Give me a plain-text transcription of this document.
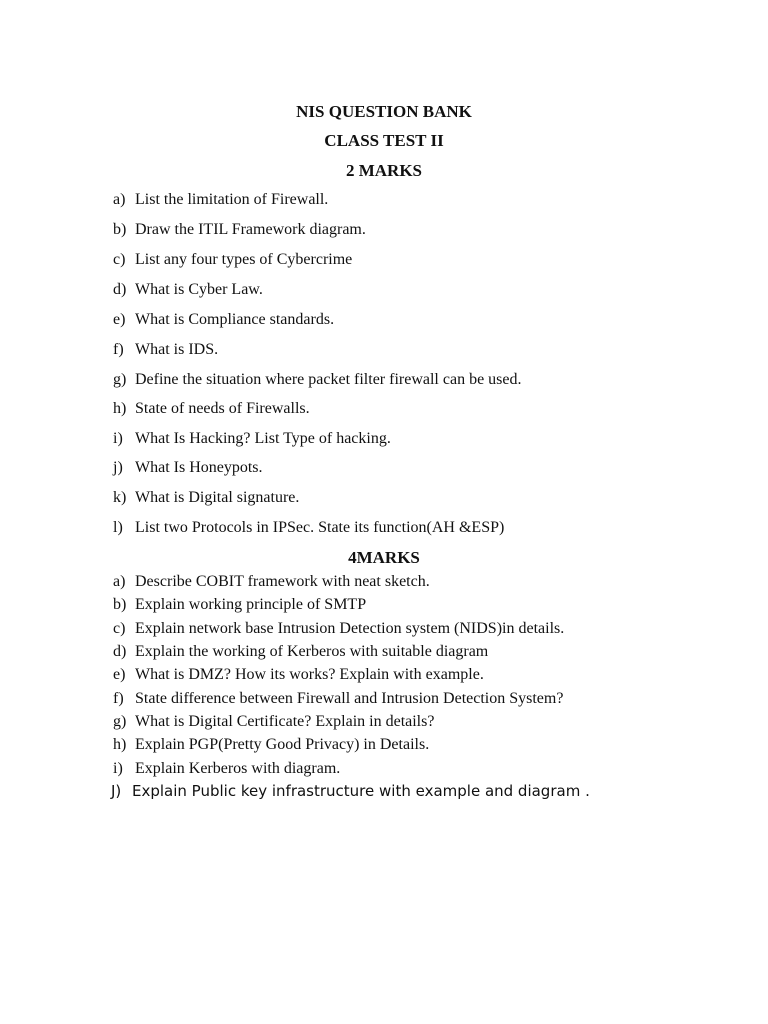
NIS QUESTION BANK
CLASS TEST II
2 MARKS
a) List the limitation of Firewall.
b) Draw the ITIL Framework diagram.
c) List any four types of Cybercrime
d) What is Cyber Law.
e) What is Compliance standards.
f) What is IDS.
g) Define the situation where packet filter firewall can be used.
h) State of needs of Firewalls.
i) What Is Hacking? List Type of hacking.
j) What Is Honeypots.
k) What is Digital signature.
l) List two Protocols in IPSec. State its function(AH &ESP)
4MARKS
a) Describe COBIT framework with neat sketch.
b) Explain working principle of SMTP
c) Explain network base Intrusion Detection system (NIDS)in details.
d) Explain the working of Kerberos with suitable diagram
e) What is DMZ? How its works? Explain with example.
f) State difference between Firewall and Intrusion Detection System?
g) What is Digital Certificate? Explain in details?
h) Explain PGP(Pretty Good Privacy) in Details.
i) Explain Kerberos with diagram.
J) Explain Public key infrastructure with example and diagram .
